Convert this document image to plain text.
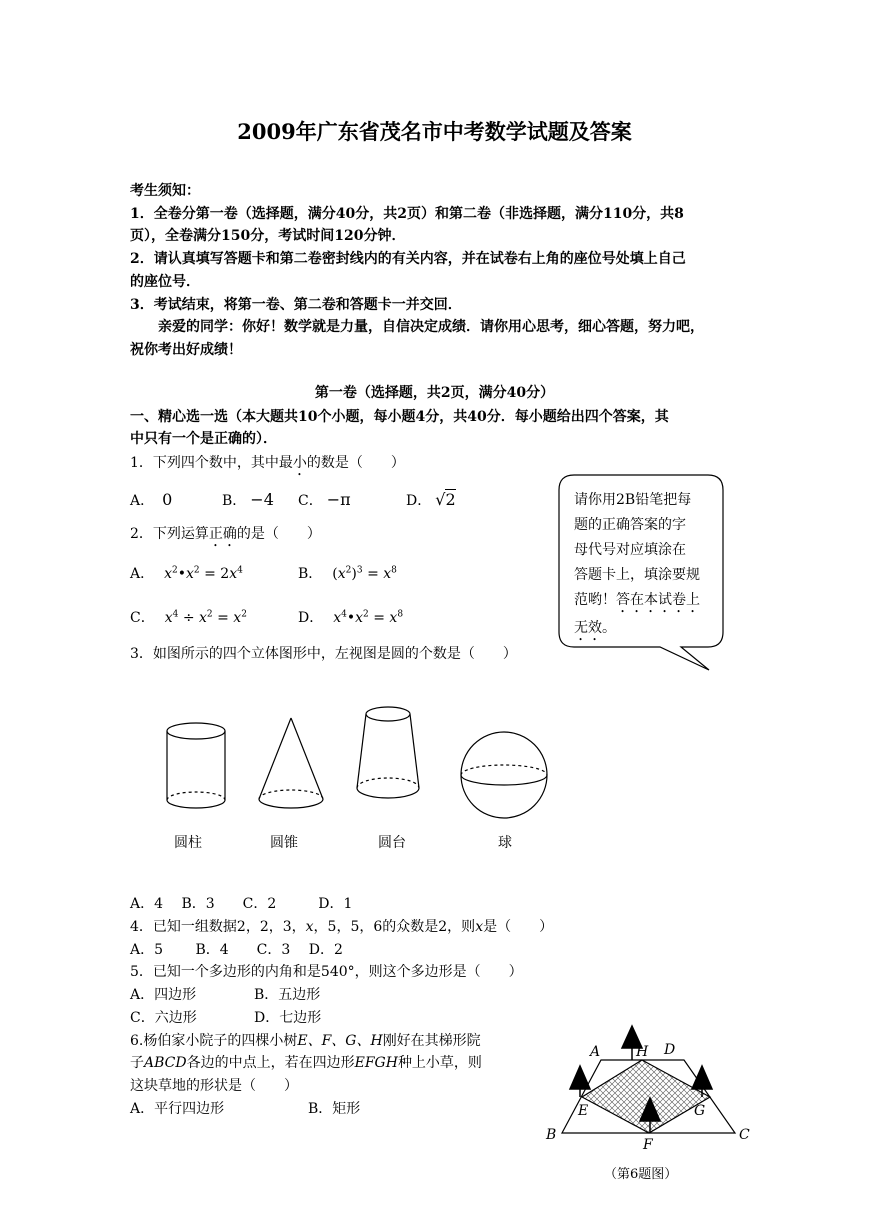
2009年广东省茂名市中考数学试题及答案
考生须知：
1．全卷分第一卷（选择题，满分40分，共2页）和第二卷（非选择题，满分110分，共8
页），全卷满分150分，考试时间120分钟．
2．请认真填写答题卡和第二卷密封线内的有关内容，并在试卷右上角的座位号处填上自己
的座位号．
3．考试结束，将第一卷、第二卷和答题卡一并交回．
亲爱的同学：你好！数学就是力量，自信决定成绩．请你用心思考，细心答题，努力吧，
祝你考出好成绩！
第一卷（选择题，共2页，满分40分）
一、精心选一选（本大题共10个小题，每小题4分，共40分．每小题给出四个答案，其
中只有一个是正确的）．
1．下列四个数中，其中最小的数是（　　）
A． 0	B． −4 C． −π	D． √2
2．下列运算正确的是（　　）
A． $x^2•x^2 = 2x^4$	B． $(x^2)^3 = x^8$
C． $x^4 \div x^2 = x^2$	D． $x^4•x^2 = x^8$
请你用2B铅笔把每
题的正确答案的字
母代号对应填涂在
答题卡上，填涂要规
范哟！答在本试卷上
无效。
3．如图所示的四个立体图形中，左视图是圆的个数是（　　）
圆柱	圆锥	圆台	球
A．4　 B．3　　C．2　　　D．1
4．已知一组数据2，2，3，x，5，5，6的众数是2，则x是（　　）
A．5　　 B．4　　C．3　 D．2
5．已知一个多边形的内角和是540°，则这个多边形是（　　）
A．四边形	B．五边形
C．六边形	D．七边形
6.杨伯家小院子的四棵小树E、F、G、H刚好在其梯形院
子ABCD各边的中点上，若在四边形EFGH种上小草，则
这块草地的形状是（　　）
A．平行四边形	B．矩形
A	H D
E	G
B
F
C
（第6题图）
